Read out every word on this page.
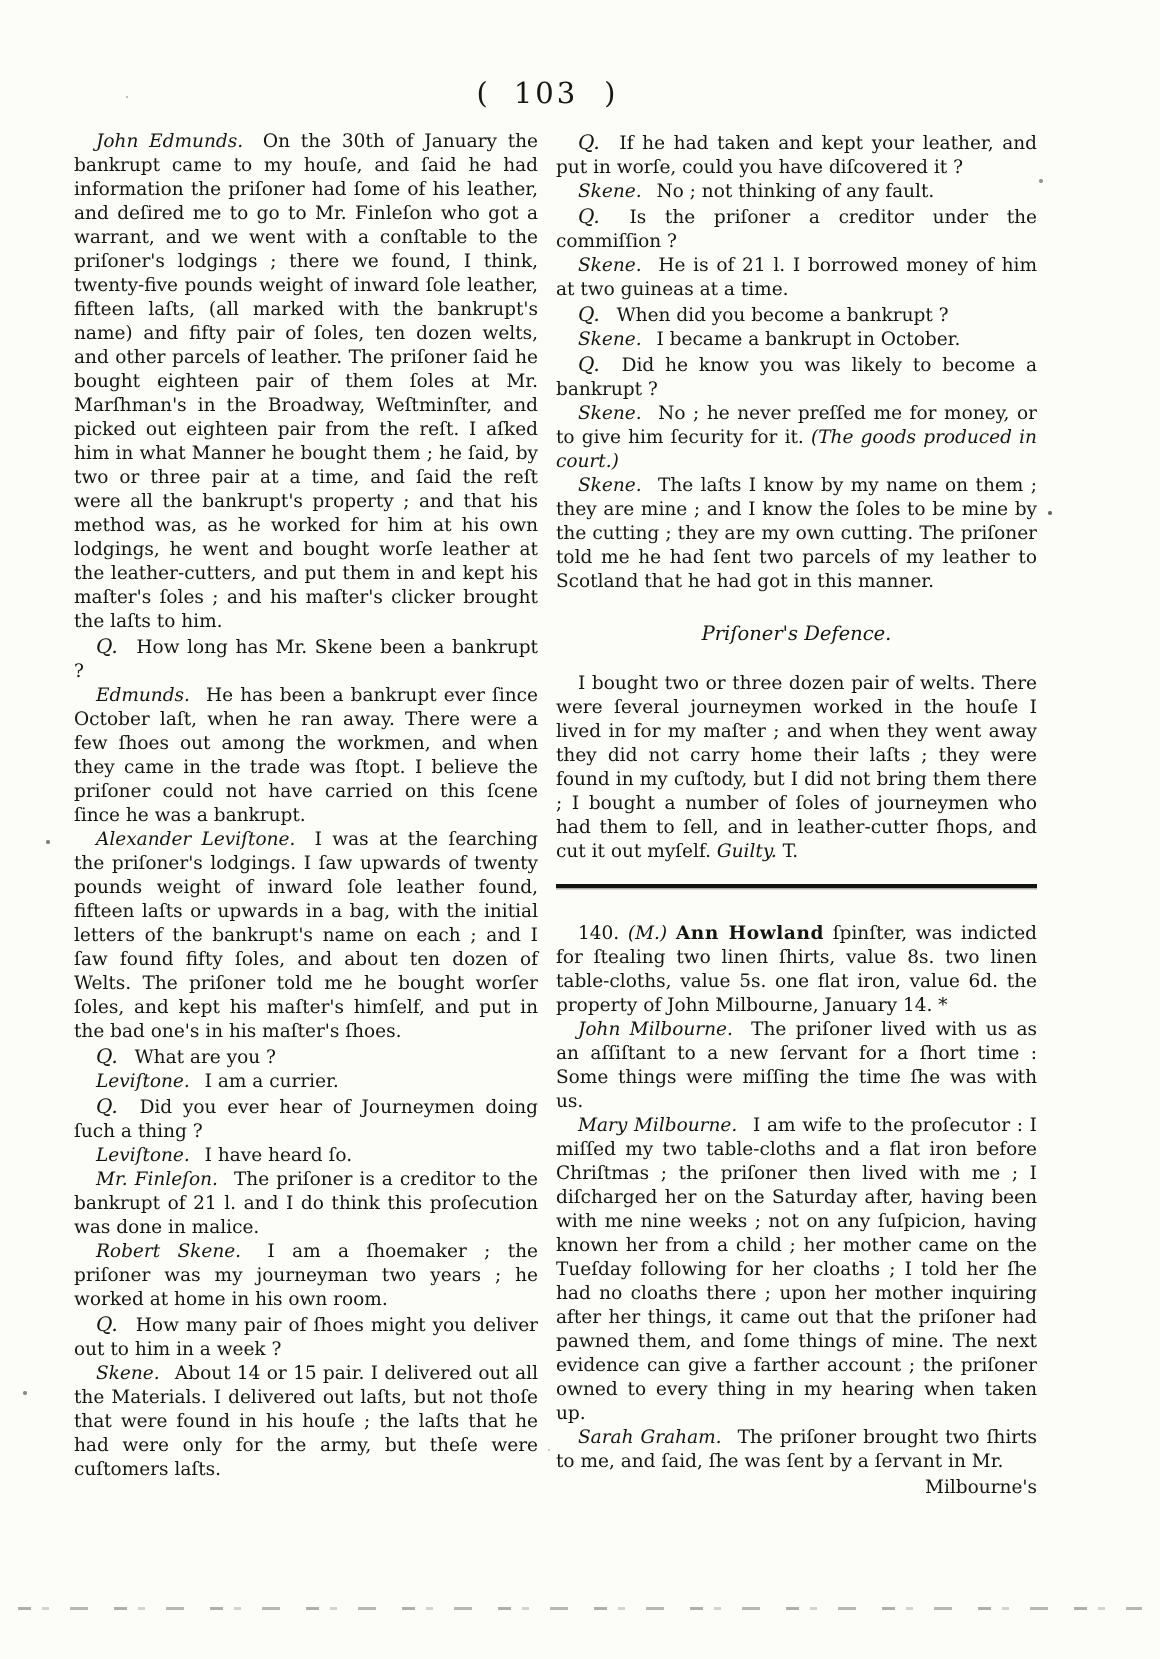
( 103 )

John Edmunds. On the 30th of January the bankrupt came to my houſe, and ſaid he had information the priſoner had ſome of his leather, and deſired me to go to Mr. Finleſon who got a warrant, and we went with a conſtable to the priſoner's lodgings ; there we found, I think, twenty-five pounds weight of inward ſole leather, fifteen laſts, (all marked with the bankrupt's name) and fifty pair of ſoles, ten dozen welts, and other parcels of leather. The priſoner ſaid he bought eighteen pair of them ſoles at Mr. Marſhman's in the Broadway, Weſtminſter, and picked out eighteen pair from the reſt. I aſked him in what Manner he bought them ; he ſaid, by two or three pair at a time, and ſaid the reſt were all the bankrupt's property ; and that his method was, as he worked for him at his own lodgings, he went and bought worſe leather at the leather-cutters, and put them in and kept his maſter's ſoles ; and his maſter's clicker brought the laſts to him.

Q. How long has Mr. Skene been a bankrupt ?

Edmunds. He has been a bankrupt ever ſince October laſt, when he ran away. There were a few ſhoes out among the workmen, and when they came in the trade was ſtopt. I believe the priſoner could not have carried on this ſcene ſince he was a bankrupt.

Alexander Leviſtone. I was at the ſearching the priſoner's lodgings. I ſaw upwards of twenty pounds weight of inward ſole leather found, fifteen laſts or upwards in a bag, with the initial letters of the bankrupt's name on each ; and I ſaw found fifty ſoles, and about ten dozen of Welts. The priſoner told me he bought worſer ſoles, and kept his maſter's himſelf, and put in the bad one's in his maſter's ſhoes.

Q. What are you ?

Leviſtone. I am a currier.

Q. Did you ever hear of Journeymen doing ſuch a thing ?

Leviſtone. I have heard ſo.

Mr. Finleſon. The priſoner is a creditor to the bankrupt of 21 l. and I do think this proſecution was done in malice.

Robert Skene. I am a ſhoemaker ; the priſoner was my journeyman two years ; he worked at home in his own room.

Q. How many pair of ſhoes might you deliver out to him in a week ?

Skene. About 14 or 15 pair. I delivered out all the Materials. I delivered out laſts, but not thoſe that were found in his houſe ; the laſts that he had were only for the army, but theſe were cuſtomers laſts.

Q. If he had taken and kept your leather, and put in worſe, could you have diſcovered it ?

Skene. No ; not thinking of any fault.

Q. Is the priſoner a creditor under the commiſſion ?

Skene. He is of 21 l. I borrowed money of him at two guineas at a time.

Q. When did you become a bankrupt ?

Skene. I became a bankrupt in October.

Q. Did he know you was likely to become a bankrupt ?

Skene. No ; he never preſſed me for money, or to give him ſecurity for it. (The goods produced in court.)

Skene. The laſts I know by my name on them ; they are mine ; and I know the ſoles to be mine by the cutting ; they are my own cutting. The priſoner told me he had ſent two parcels of my leather to Scotland that he had got in this manner.

Priſoner's Defence.

I bought two or three dozen pair of welts. There were ſeveral journeymen worked in the houſe I lived in for my maſter ; and when they went away they did not carry home their laſts ; they were found in my cuſtody, but I did not bring them there ; I bought a number of ſoles of journeymen who had them to ſell, and in leather-cutter ſhops, and cut it out myſelf. Guilty. T.

140. (M.) Ann Howland ſpinſter, was indicted for ſtealing two linen ſhirts, value 8s. two linen table-cloths, value 5s. one flat iron, value 6d. the property of John Milbourne, January 14. *

John Milbourne. The priſoner lived with us as an aſſiſtant to a new ſervant for a ſhort time : Some things were miſſing the time ſhe was with us.

Mary Milbourne. I am wife to the proſecutor : I miſſed my two table-cloths and a flat iron before Chriſtmas ; the priſoner then lived with me ; I diſcharged her on the Saturday after, having been with me nine weeks ; not on any ſuſpicion, having known her from a child ; her mother came on the Tueſday following for her cloaths ; I told her ſhe had no cloaths there ; upon her mother inquiring after her things, it came out that the priſoner had pawned them, and ſome things of mine. The next evidence can give a farther account ; the priſoner owned to every thing in my hearing when taken up.

Sarah Graham. The priſoner brought two ſhirts to me, and ſaid, ſhe was ſent by a ſervant in Mr.

Milbourne's
